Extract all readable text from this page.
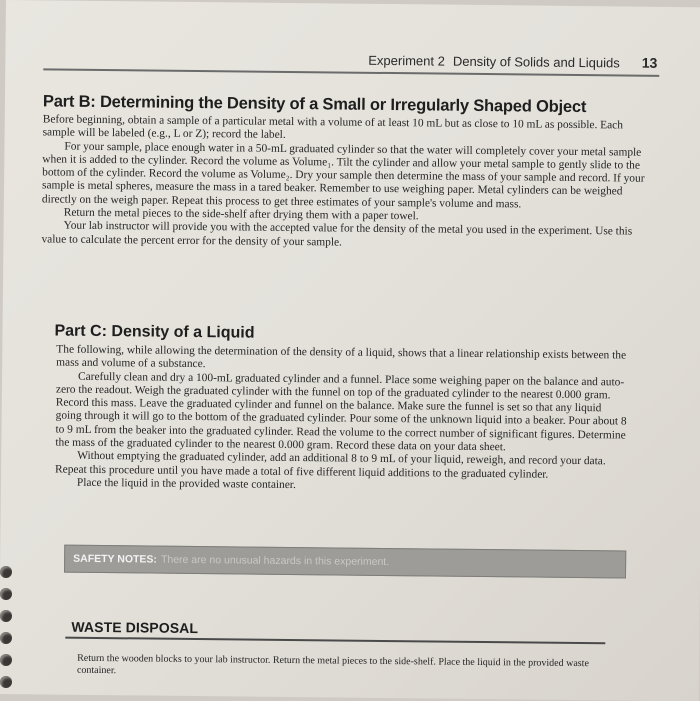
Experiment 2 Density of Solids and Liquids 13
Part B: Determining the Density of a Small or Irregularly Shaped Object

Before beginning, obtain a sample of a particular metal with a volume of at least 10 mL but as close to 10 mL as possible. Each sample will be labeled (e.g., L or Z); record the label.

For your sample, place enough water in a 50-mL graduated cylinder so that the water will completely cover your metal sample when it is added to the cylinder. Record the volume as Volume₁. Tilt the cylinder and allow your metal sample to gently slide to the bottom of the cylinder. Record the volume as Volume₂. Dry your sample then determine the mass of your sample and record. If your sample is metal spheres, measure the mass in a tared beaker. Remember to use weighing paper. Metal cylinders can be weighed directly on the weigh paper. Repeat this process to get three estimates of your sample's volume and mass.

Return the metal pieces to the side-shelf after drying them with a paper towel.

Your lab instructor will provide you with the accepted value for the density of the metal you used in the experiment. Use this value to calculate the percent error for the density of your sample.

Part C: Density of a Liquid

The following, while allowing the determination of the density of a liquid, shows that a linear relationship exists between the mass and volume of a substance.

Carefully clean and dry a 100-mL graduated cylinder and a funnel. Place some weighing paper on the balance and auto-zero the readout. Weigh the graduated cylinder with the funnel on top of the graduated cylinder to the nearest 0.000 gram. Record this mass. Leave the graduated cylinder and funnel on the balance. Make sure the funnel is set so that any liquid going through it will go to the bottom of the graduated cylinder. Pour some of the unknown liquid into a beaker. Pour about 8 to 9 mL from the beaker into the graduated cylinder. Read the volume to the correct number of significant figures. Determine the mass of the graduated cylinder to the nearest 0.000 gram. Record these data on your data sheet.

Without emptying the graduated cylinder, add an additional 8 to 9 mL of your liquid, reweigh, and record your data. Repeat this procedure until you have made a total of five different liquid additions to the graduated cylinder.

Place the liquid in the provided waste container.

SAFETY NOTES: There are no unusual hazards in this experiment.
WASTE DISPOSAL

Return the wooden blocks to your lab instructor. Return the metal pieces to the side-shelf. Place the liquid in the provided waste container.
